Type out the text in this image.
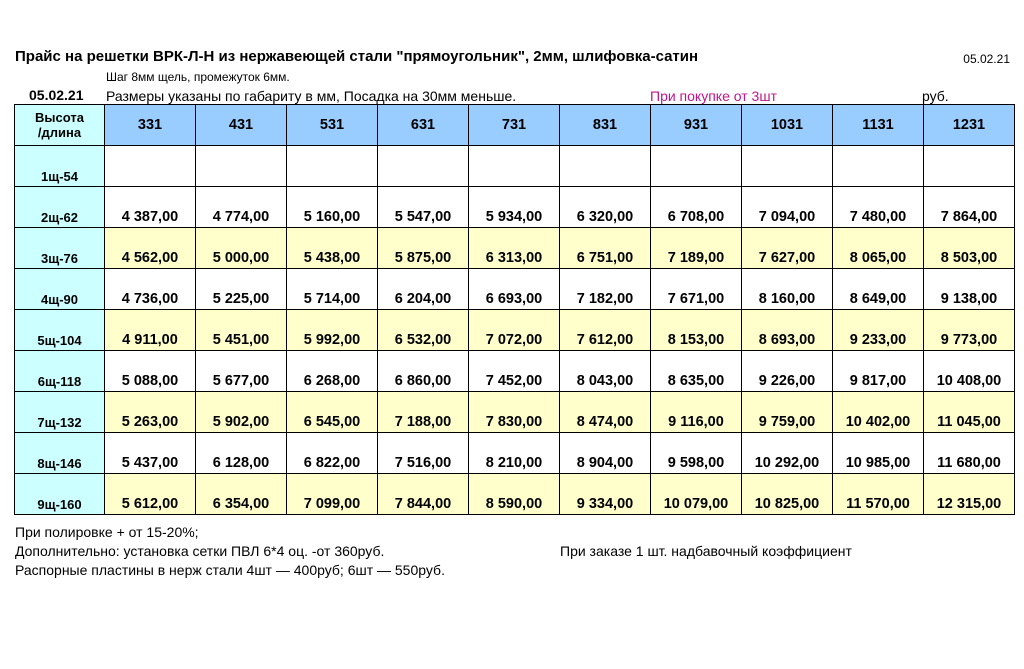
Прайс на решетки ВРК-Л-Н из нержавеющей стали "прямоугольник", 2мм, шлифовка-сатин	05.02.21
Шаг 8мм щель, промежуток 6мм.
05.02.21 Размеры указаны по габариту в мм, Посадка на 30мм меньше.	При покупке от 3шт	руб.
Высота
/длина	331	431	531	631	731	831	931	1031	1131	1231
1щ-54										
2щ-62	4 387,00	4 774,00	5 160,00	5 547,00	5 934,00	6 320,00	6 708,00	7 094,00	7 480,00	7 864,00
3щ-76	4 562,00	5 000,00	5 438,00	5 875,00	6 313,00	6 751,00	7 189,00	7 627,00	8 065,00	8 503,00
4щ-90	4 736,00	5 225,00	5 714,00	6 204,00	6 693,00	7 182,00	7 671,00	8 160,00	8 649,00	9 138,00
5щ-104	4 911,00	5 451,00	5 992,00	6 532,00	7 072,00	7 612,00	8 153,00	8 693,00	9 233,00	9 773,00
6щ-118	5 088,00	5 677,00	6 268,00	6 860,00	7 452,00	8 043,00	8 635,00	9 226,00	9 817,00	10 408,00
7щ-132	5 263,00	5 902,00	6 545,00	7 188,00	7 830,00	8 474,00	9 116,00	9 759,00	10 402,00	11 045,00
8щ-146	5 437,00	6 128,00	6 822,00	7 516,00	8 210,00	8 904,00	9 598,00	10 292,00	10 985,00	11 680,00
9щ-160	5 612,00	6 354,00	7 099,00	7 844,00	8 590,00	9 334,00	10 079,00	10 825,00	11 570,00	12 315,00
При полировке + от 15-20%;
Дополнительно: установка сетки ПВЛ 6*4 оц. -от 360руб.
Распорные пластины в нерж стали 4шт — 400руб; 6шт — 550руб.
При заказе 1 шт. надбавочный коэффициент
